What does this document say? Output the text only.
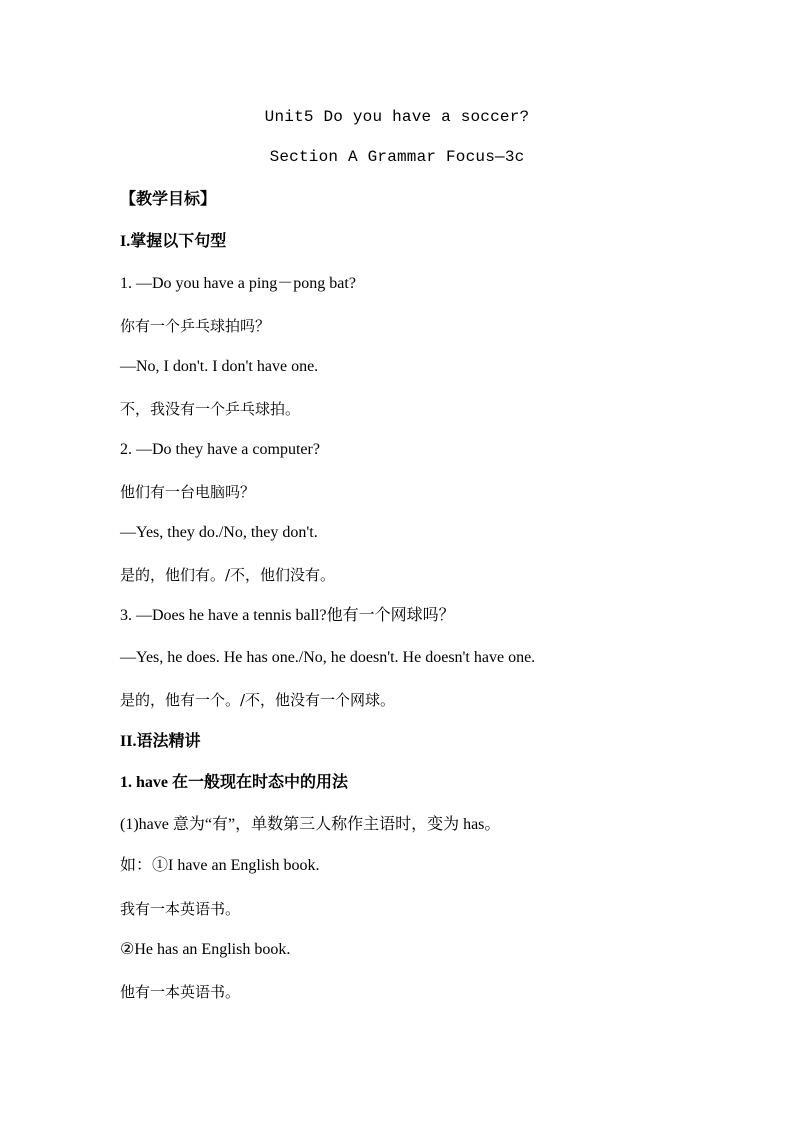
Unit5 Do you have a soccer?
Section A Grammar Focus—3c
【教学目标】
I.掌握以下句型
1. —Do you have a ping－pong bat?
你有一个乒乓球拍吗？
—No, I don't. I don't have one.
不，我没有一个乒乓球拍。
2. —Do they have a computer?
他们有一台电脑吗？
—Yes, they do./No, they don't.
是的，他们有。/不，他们没有。
3. —Does he have a tennis ball?他有一个网球吗？
—Yes, he does. He has one./No, he doesn't. He doesn't have one.
是的，他有一个。/不，他没有一个网球。
II.语法精讲
1. have 在一般现在时态中的用法
(1)have 意为“有”，单数第三人称作主语时，变为 has。
如：①I have an English book.
我有一本英语书。
②He has an English book.
他有一本英语书。
